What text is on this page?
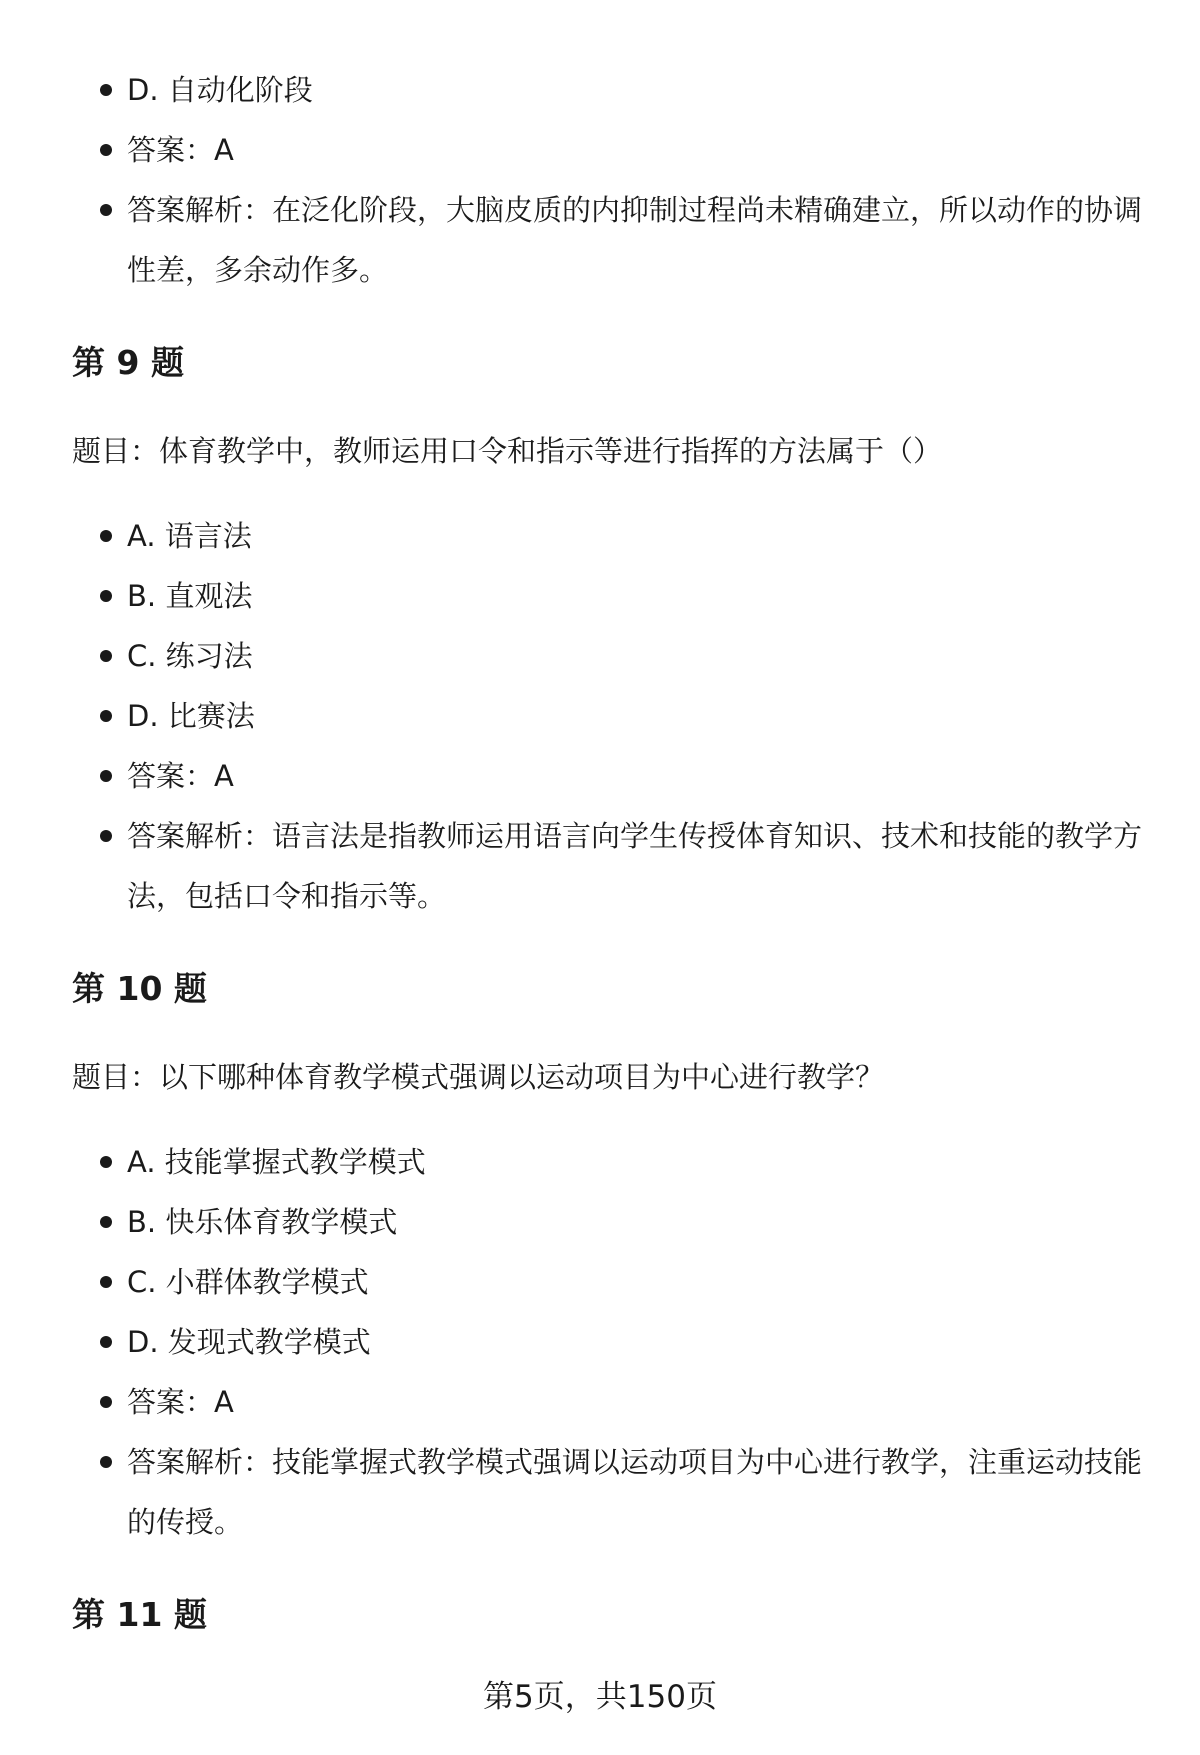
D. 自动化阶段
答案：A
答案解析：在泛化阶段，大脑皮质的内抑制过程尚未精确建立，所以动作的协调性差，多余动作多。
第 9 题

题目：体育教学中，教师运用口令和指示等进行指挥的方法属于（）

A. 语言法
B. 直观法
C. 练习法
D. 比赛法
答案：A
答案解析：语言法是指教师运用语言向学生传授体育知识、技术和技能的教学方法，包括口令和指示等。
第 10 题

题目：以下哪种体育教学模式强调以运动项目为中心进行教学？

A. 技能掌握式教学模式
B. 快乐体育教学模式
C. 小群体教学模式
D. 发现式教学模式
答案：A
答案解析：技能掌握式教学模式强调以运动项目为中心进行教学，注重运动技能的传授。
第 11 题
第5页，共150页
